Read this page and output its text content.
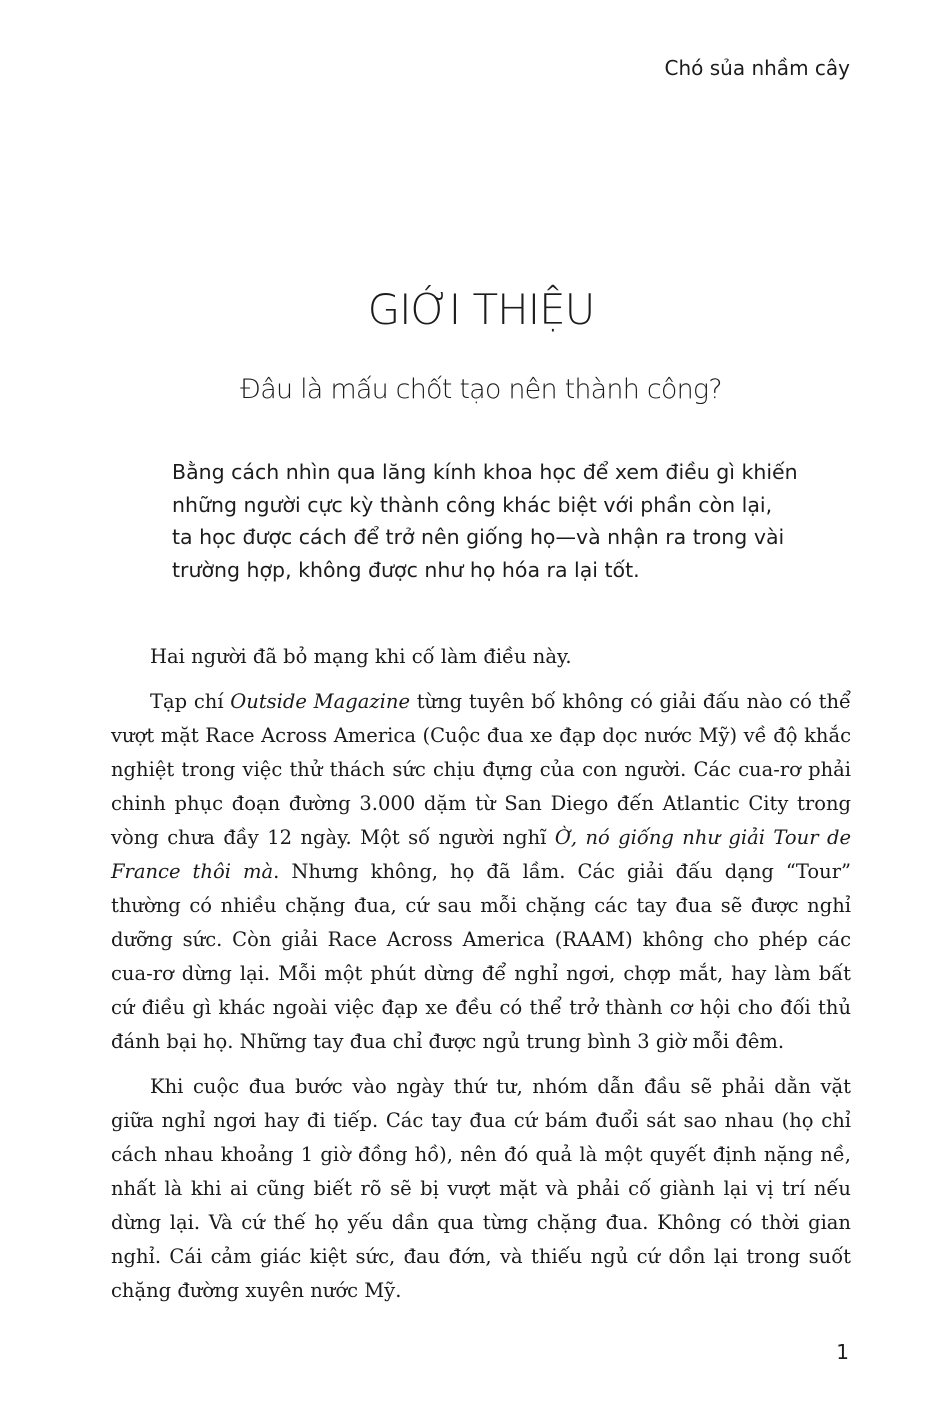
Chó sủa nhầm cây
GIỚI THIỆU
Đâu là mấu chốt tạo nên thành công?

Bằng cách nhìn qua lăng kính khoa học để xem điều gì khiến những người cực kỳ thành công khác biệt với phần còn lại, ta học được cách để trở nên giống họ—và nhận ra trong vài trường hợp, không được như họ hóa ra lại tốt.

Hai người đã bỏ mạng khi cố làm điều này.

Tạp chí Outside Magazine từng tuyên bố không có giải đấu nào có thể vượt mặt Race Across America (Cuộc đua xe đạp dọc nước Mỹ) về độ khắc nghiệt trong việc thử thách sức chịu đựng của con người. Các cua-rơ phải chinh phục đoạn đường 3.000 dặm từ San Diego đến Atlantic City trong vòng chưa đầy 12 ngày. Một số người nghĩ Ờ, nó giống như giải Tour de France thôi mà. Nhưng không, họ đã lầm. Các giải đấu dạng “Tour” thường có nhiều chặng đua, cứ sau mỗi chặng các tay đua sẽ được nghỉ dưỡng sức. Còn giải Race Across America (RAAM) không cho phép các cua-rơ dừng lại. Mỗi một phút dừng để nghỉ ngơi, chợp mắt, hay làm bất cứ điều gì khác ngoài việc đạp xe đều có thể trở thành cơ hội cho đối thủ đánh bại họ. Những tay đua chỉ được ngủ trung bình 3 giờ mỗi đêm.

Khi cuộc đua bước vào ngày thứ tư, nhóm dẫn đầu sẽ phải dằn vặt giữa nghỉ ngơi hay đi tiếp. Các tay đua cứ bám đuổi sát sao nhau (họ chỉ cách nhau khoảng 1 giờ đồng hồ), nên đó quả là một quyết định nặng nề, nhất là khi ai cũng biết rõ sẽ bị vượt mặt và phải cố giành lại vị trí nếu dừng lại. Và cứ thế họ yếu dần qua từng chặng đua. Không có thời gian nghỉ. Cái cảm giác kiệt sức, đau đớn, và thiếu ngủ cứ dồn lại trong suốt chặng đường xuyên nước Mỹ.

1
